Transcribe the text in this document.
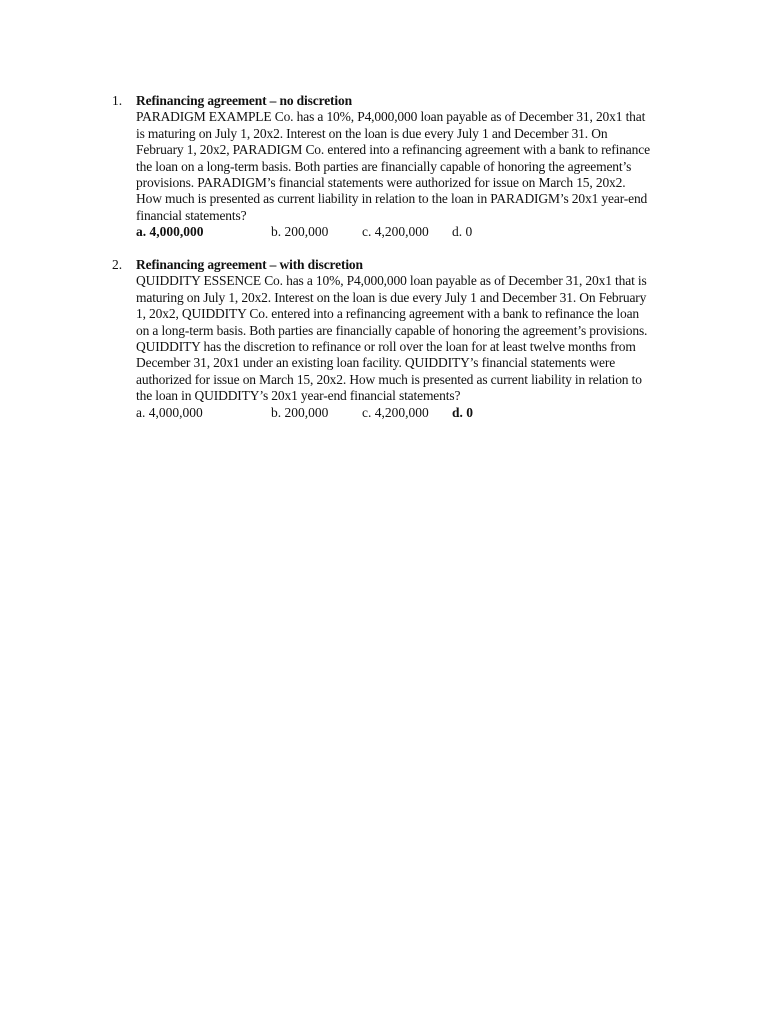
1. Refinancing agreement – no discretion
PARADIGM EXAMPLE Co. has a 10%, P4,000,000 loan payable as of December 31, 20x1 that
is maturing on July 1, 20x2. Interest on the loan is due every July 1 and December 31. On
February 1, 20x2, PARADIGM Co. entered into a refinancing agreement with a bank to refinance
the loan on a long-term basis. Both parties are financially capable of honoring the agreement’s
provisions. PARADIGM’s financial statements were authorized for issue on March 15, 20x2.
How much is presented as current liability in relation to the loan in PARADIGM’s 20x1 year-end
financial statements?
a. 4,000,000	b. 200,000 c. 4,200,000 d. 0
2. Refinancing agreement – with discretion
QUIDDITY ESSENCE Co. has a 10%, P4,000,000 loan payable as of December 31, 20x1 that is
maturing on July 1, 20x2. Interest on the loan is due every July 1 and December 31. On February
1, 20x2, QUIDDITY Co. entered into a refinancing agreement with a bank to refinance the loan
on a long-term basis. Both parties are financially capable of honoring the agreement’s provisions.
QUIDDITY has the discretion to refinance or roll over the loan for at least twelve months from
December 31, 20x1 under an existing loan facility. QUIDDITY’s financial statements were
authorized for issue on March 15, 20x2. How much is presented as current liability in relation to
the loan in QUIDDITY’s 20x1 year-end financial statements?
a. 4,000,000	b. 200,000 c. 4,200,000 d. 0
